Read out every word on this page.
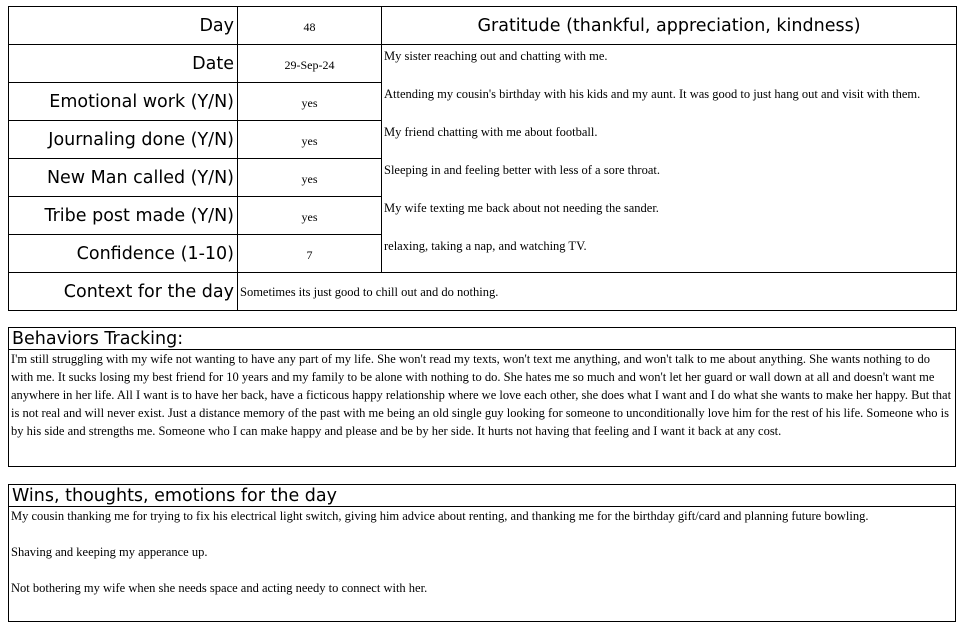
Day	48	Gratitude (thankful, appreciation, kindness)
Date	29-Sep-24	My sister reaching out and chatting with me.
Emotional work (Y/N)	yes	Attending my cousin's birthday with his kids and my aunt. It was good to just hang out and visit with them.
Journaling done (Y/N)	yes	My friend chatting with me about football.
New Man called (Y/N)	yes	Sleeping in and feeling better with less of a sore throat.
Tribe post made (Y/N)	yes	My wife texting me back about not needing the sander.
Confidence (1-10)	7	relaxing, taking a nap, and watching TV.
Context for the day	Sometimes its just good to chill out and do nothing.	
Behaviors Tracking:
I'm still struggling with my wife not wanting to have any part of my life. She won't read my texts, won't text me anything, and won't talk to me about anything. She wants nothing to do with me. It sucks losing my best friend for 10 years and my family to be alone with nothing to do. She hates me so much and won't let her guard or wall down at all and doesn't want me anywhere in her life. All I want is to have her back, have a ficticous happy relationship where we love each other, she does what I want and I do what she wants to make her happy. But that is not real and will never exist. Just a distance memory of the past with me being an old single guy looking for someone to unconditionally love him for the rest of his life. Someone who is by his side and strengths me. Someone who I can make happy and please and be by her side. It hurts not having that feeling and I want it back at any cost.
Wins, thoughts, emotions for the day

My cousin thanking me for trying to fix his electrical light switch, giving him advice about renting, and thanking me for the birthday gift/card and planning future bowling.

Shaving and keeping my apperance up.

Not bothering my wife when she needs space and acting needy to connect with her.
